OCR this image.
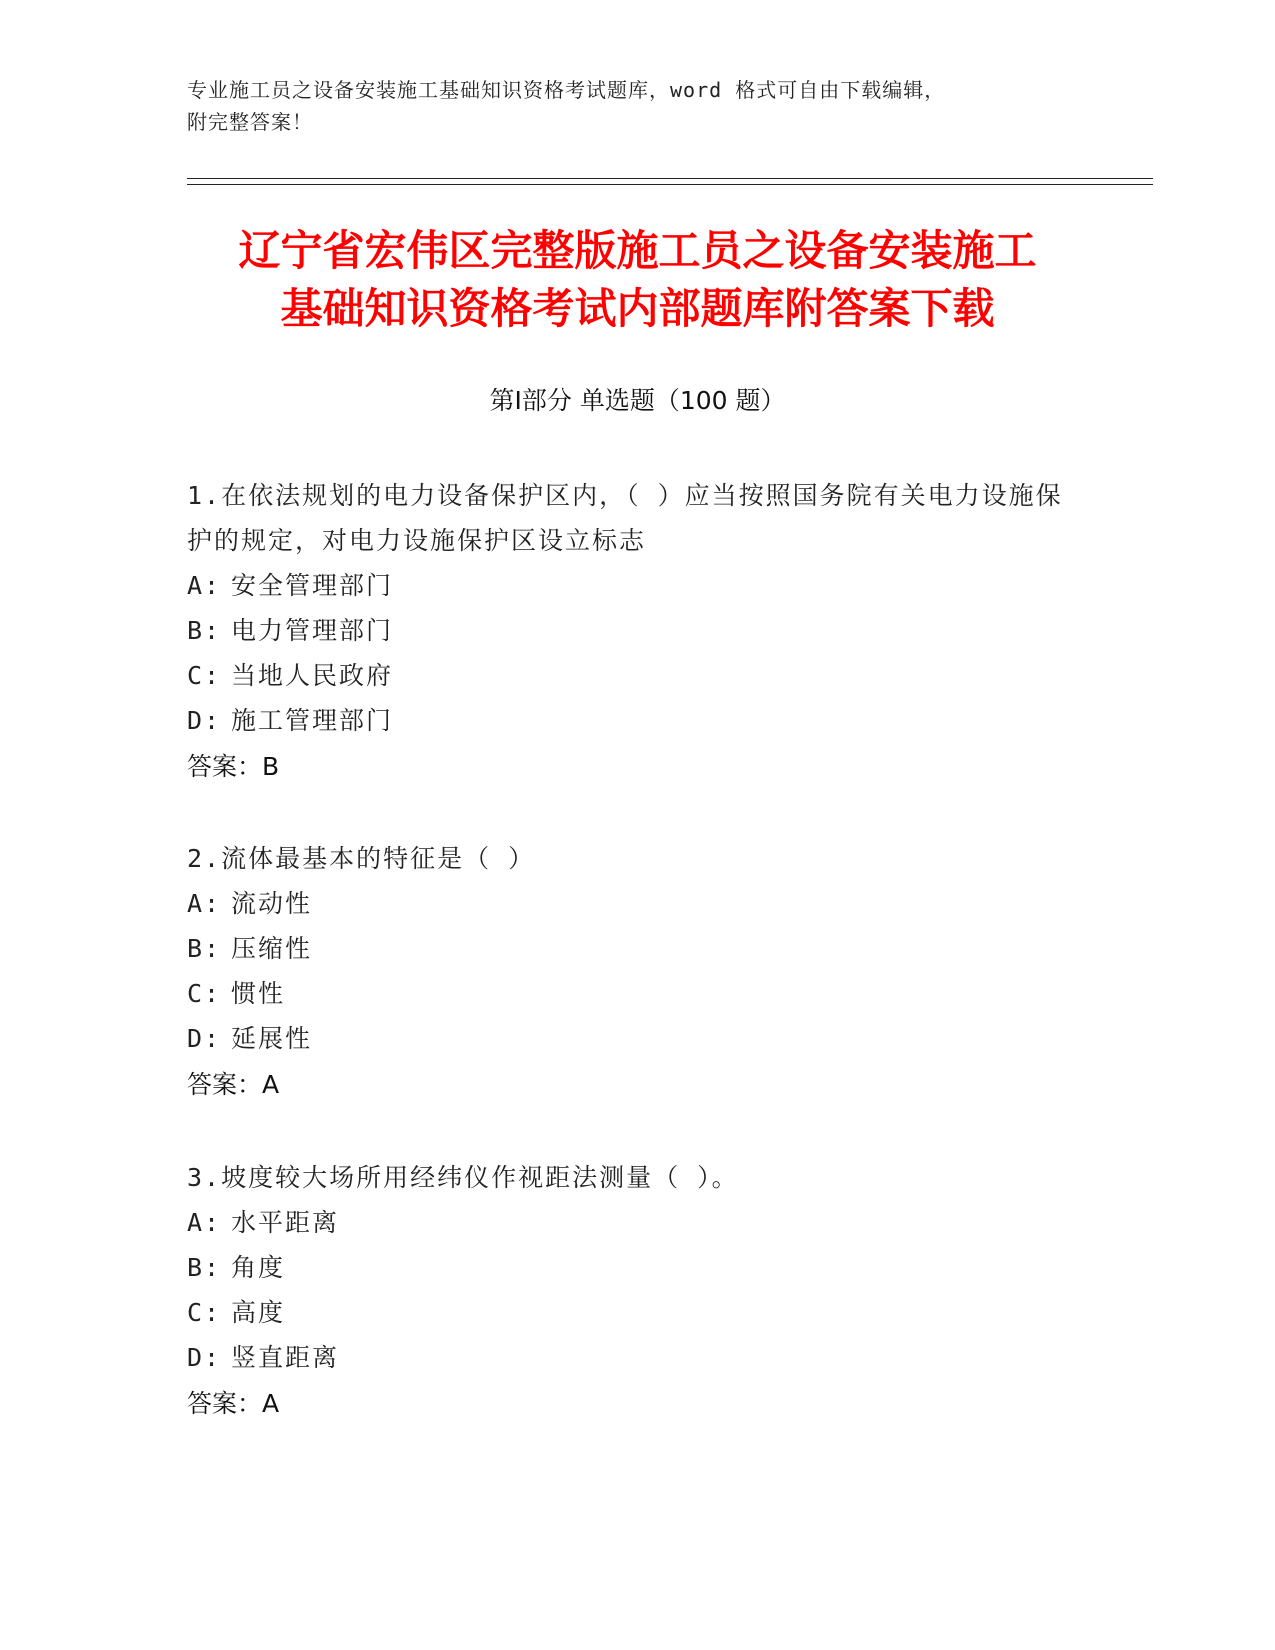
专业施工员之设备安装施工基础知识资格考试题库，word 格式可自由下载编辑，
附完整答案！
辽宁省宏伟区完整版施工员之设备安装施工
基础知识资格考试内部题库附答案下载
第Ⅰ部分 单选题（100 题）
1.在依法规划的电力设备保护区内，（ ）应当按照国务院有关电力设施保护的规定，对电力设施保护区设立标志
A: 安全管理部门
B: 电力管理部门
C: 当地人民政府
D: 施工管理部门
答案：B
2.流体最基本的特征是（ ）
A: 流动性
B: 压缩性
C: 惯性
D: 延展性
答案：A
3.坡度较大场所用经纬仪作视距法测量（ ）。
A: 水平距离
B: 角度
C: 高度
D: 竖直距离
答案：A
